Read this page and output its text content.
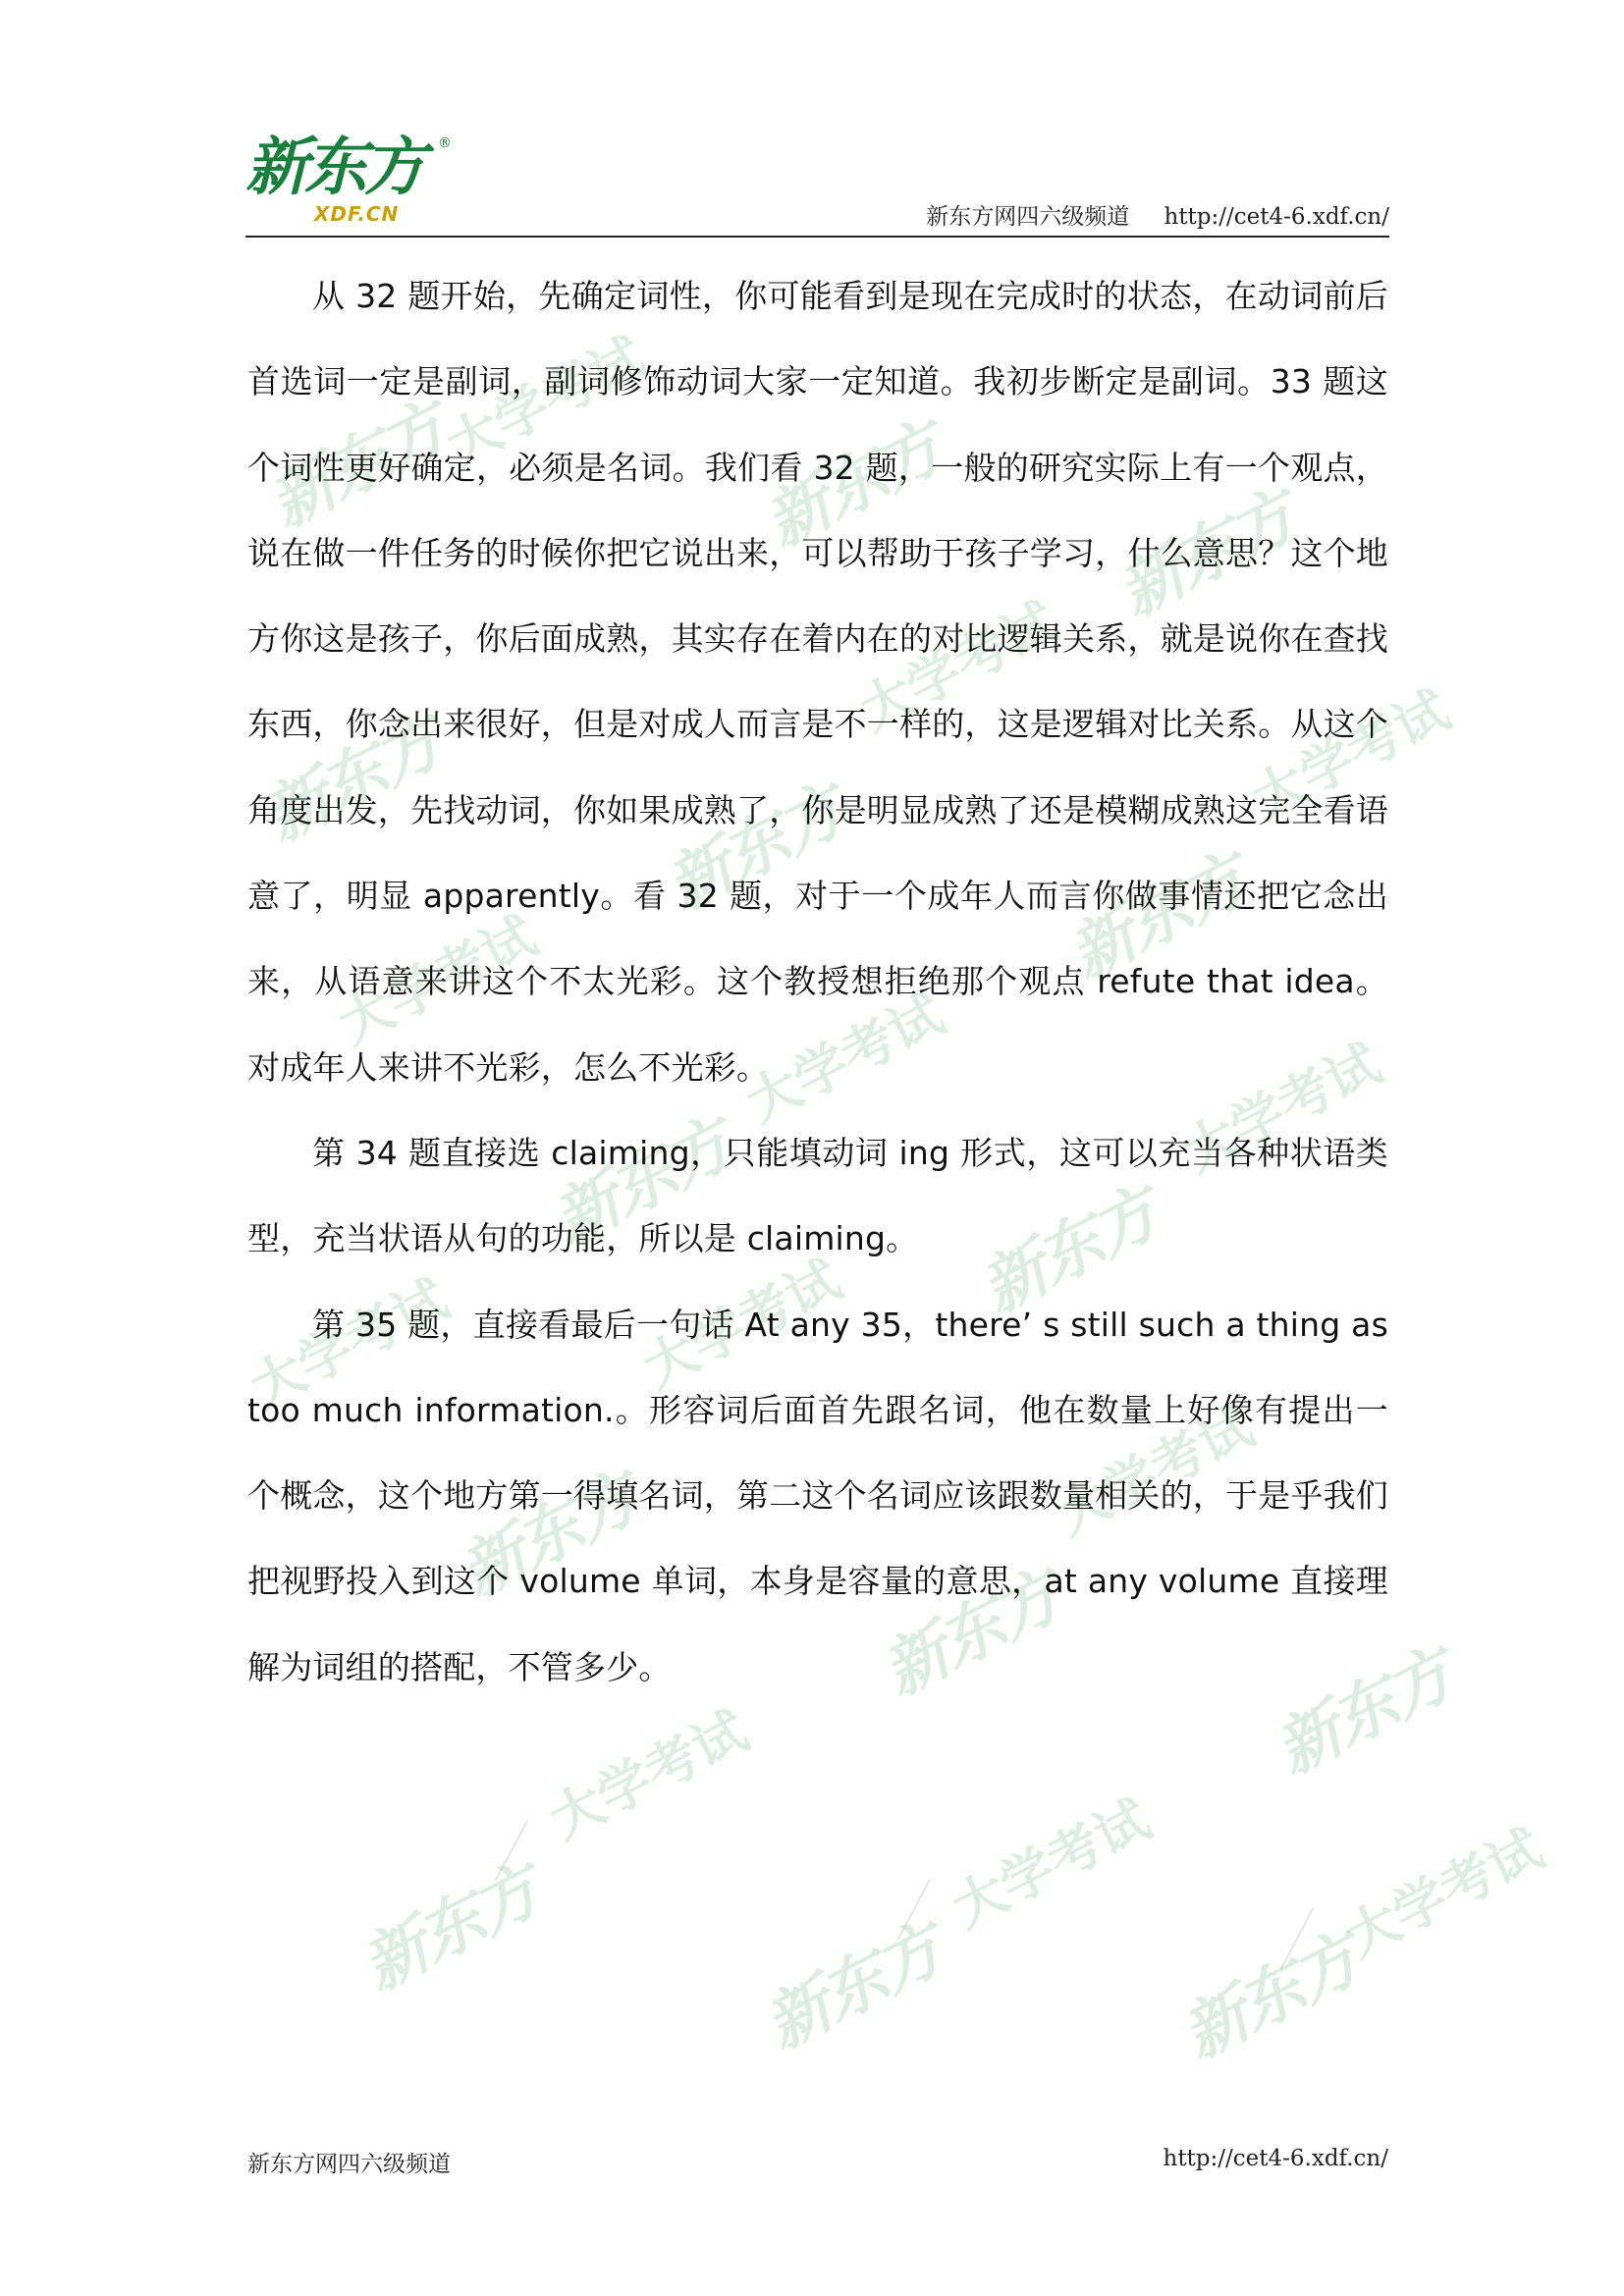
新东方
大学考试
新东方 新东方
新东方
大学考试
新东方
大学考试
大学考试	新东方
大学考试	大学考试
新东方	新东方
大学考试	大学考试
新东方	大学考试
新东方
新东方
大学考试
新东方	大学考试
新东方	新东方
大学考试
新东方 ®
XDF.CN	新东方网四六级频道 http://cet4-6.xdf.cn/

从 32 题开始，先确定词性，你可能看到是现在完成时的状态，在动词前后首选词一定是副词，副词修饰动词大家一定知道。我初步断定是副词。33 题这个词性更好确定，必须是名词。我们看 32 题，一般的研究实际上有一个观点，说在做一件任务的时候你把它说出来，可以帮助于孩子学习，什么意思？这个地方你这是孩子，你后面成熟，其实存在着内在的对比逻辑关系，就是说你在查找东西，你念出来很好，但是对成人而言是不一样的，这是逻辑对比关系。从这个角度出发，先找动词，你如果成熟了，你是明显成熟了还是模糊成熟这完全看语意了，明显 apparently。看 32 题，对于一个成年人而言你做事情还把它念出来，从语意来讲这个不太光彩。这个教授想拒绝那个观点 refute that idea。对成年人来讲不光彩，怎么不光彩。

第 34 题直接选 claiming，只能填动词 ing 形式，这可以充当各种状语类型，充当状语从句的功能，所以是 claiming。

第 35 题，直接看最后一句话 At any 35，there’ s still such a thing as too much information.。形容词后面首先跟名词，他在数量上好像有提出一个概念，这个地方第一得填名词，第二这个名词应该跟数量相关的，于是乎我们把视野投入到这个 volume 单词，本身是容量的意思，at any volume 直接理解为词组的搭配，不管多少。

新东方网四六级频道	http://cet4-6.xdf.cn/
